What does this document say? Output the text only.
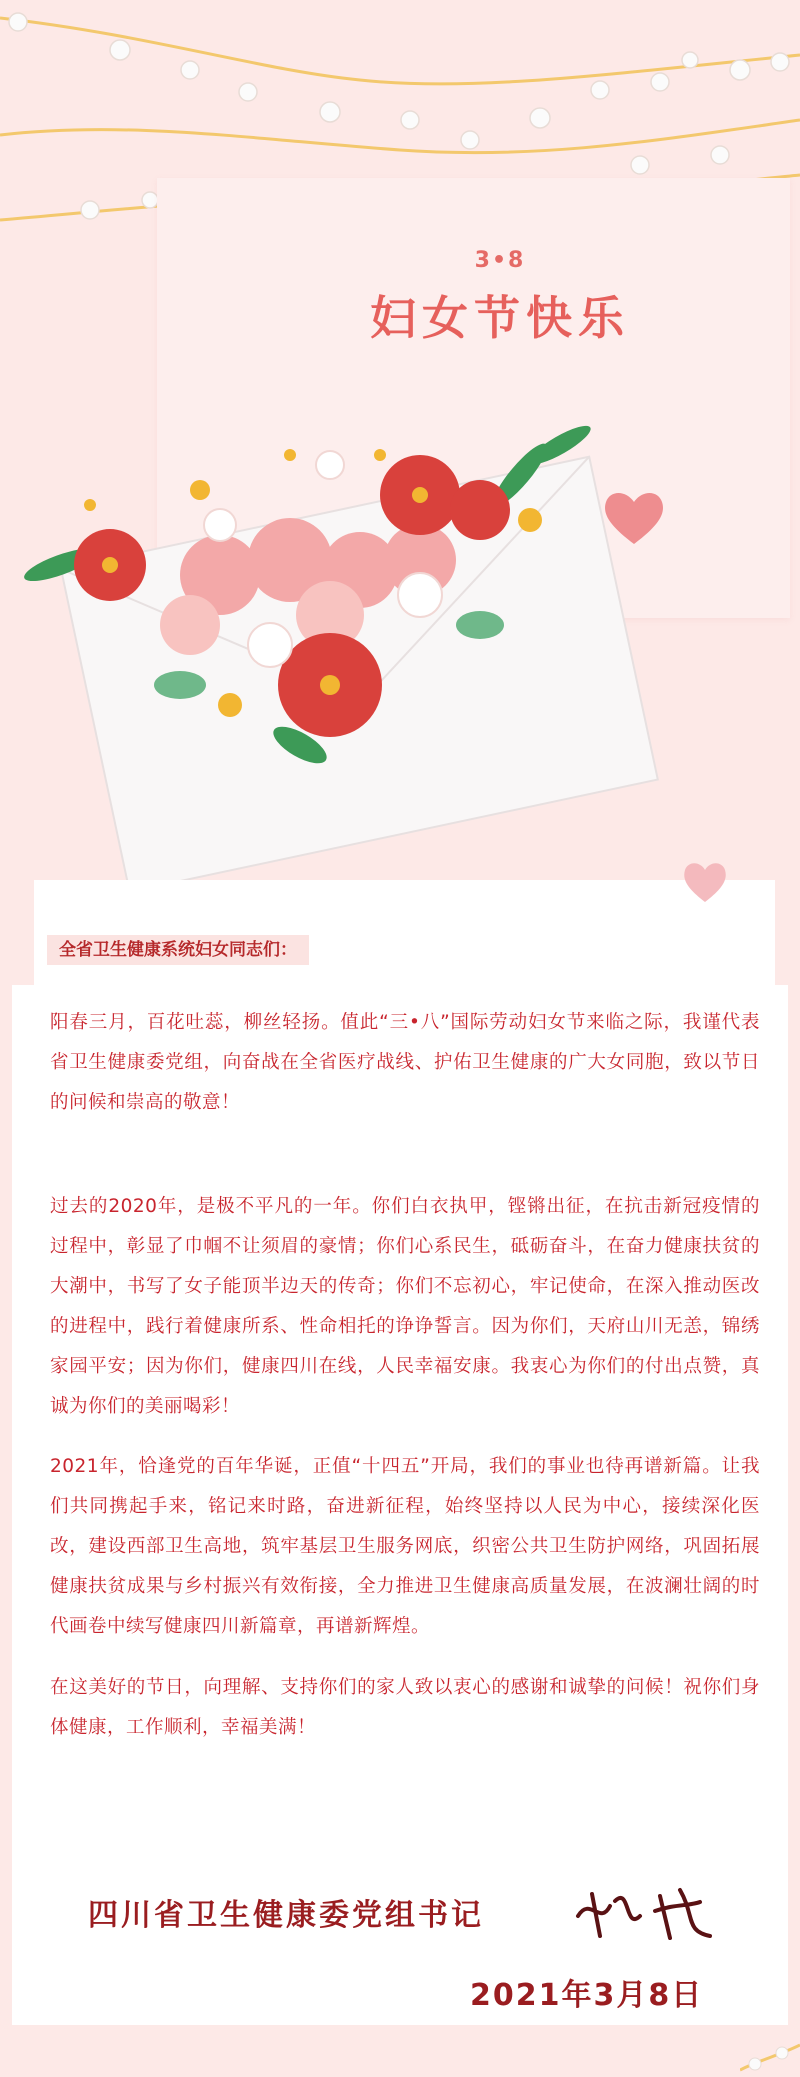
3•8
妇女节快乐
全省卫生健康系统妇女同志们：

阳春三月，百花吐蕊，柳丝轻扬。值此“三•八”国际劳动妇女节来临之际，我谨代表省卫生健康委党组，向奋战在全省医疗战线、护佑卫生健康的广大女同胞，致以节日的问候和崇高的敬意！

过去的2020年，是极不平凡的一年。你们白衣执甲，铿锵出征，在抗击新冠疫情的过程中，彰显了巾帼不让须眉的豪情；你们心系民生，砥砺奋斗，在奋力健康扶贫的大潮中，书写了女子能顶半边天的传奇；你们不忘初心，牢记使命，在深入推动医改的进程中，践行着健康所系、性命相托的诤诤誓言。因为你们，天府山川无恙，锦绣家园平安；因为你们，健康四川在线，人民幸福安康。我衷心为你们的付出点赞，真诚为你们的美丽喝彩！

2021年，恰逢党的百年华诞，正值“十四五”开局，我们的事业也待再谱新篇。让我们共同携起手来，铭记来时路，奋进新征程，始终坚持以人民为中心，接续深化医改，建设西部卫生高地，筑牢基层卫生服务网底，织密公共卫生防护网络，巩固拓展健康扶贫成果与乡村振兴有效衔接，全力推进卫生健康高质量发展，在波澜壮阔的时代画卷中续写健康四川新篇章，再谱新辉煌。

在这美好的节日，向理解、支持你们的家人致以衷心的感谢和诚挚的问候！祝你们身体健康，工作顺利，幸福美满！

四川省卫生健康委党组书记
2021年3月8日
